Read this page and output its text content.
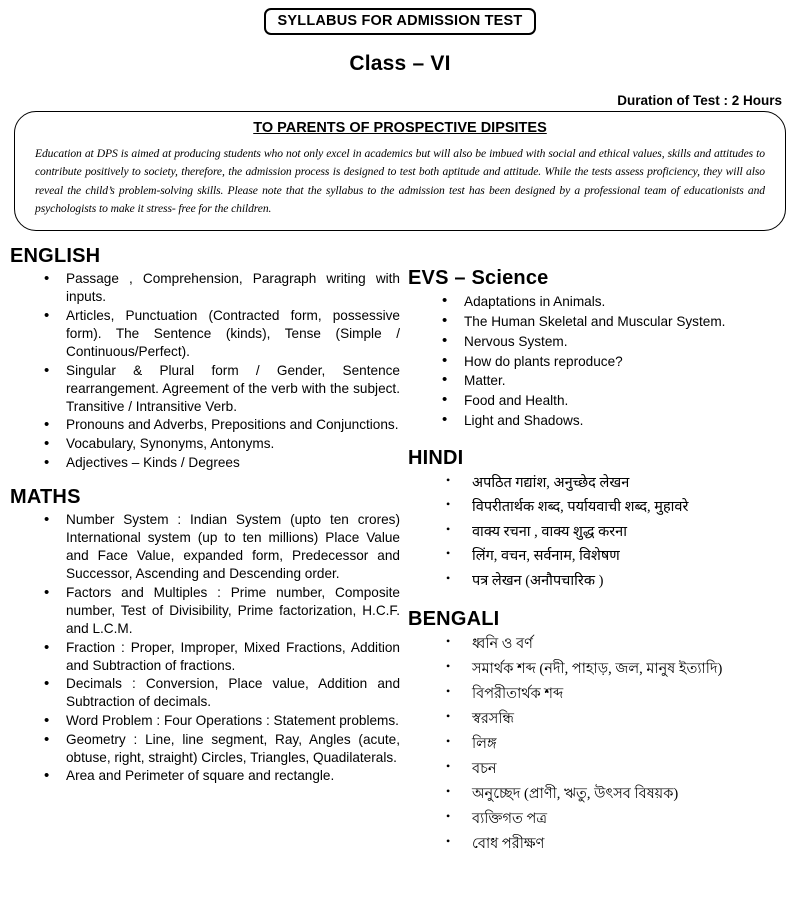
SYLLABUS FOR ADMISSION TEST
Class – VI
Duration of Test : 2 Hours
TO PARENTS OF PROSPECTIVE DIPSITES
Education at DPS is aimed at producing students who not only excel in academics but will also be imbued with social and ethical values, skills and attitudes to contribute positively to society, therefore, the admission process is designed to test both aptitude and attitude. While the tests assess proficiency, they will also reveal the child’s problem-solving skills. Please note that the syllabus to the admission test has been designed by a professional team of educationists and psychologists to make it stress- free for the children.
ENGLISH
• Passage , Comprehension, Paragraph writing with inputs.
• Articles, Punctuation (Contracted form, possessive form). The Sentence (kinds), Tense (Simple / Continuous/Perfect).
• Singular & Plural form / Gender, Sentence rearrangement. Agreement of the verb with the subject. Transitive / Intransitive Verb.
• Pronouns and Adverbs, Prepositions and Conjunctions.
• Vocabulary, Synonyms, Antonyms.
• Adjectives – Kinds / Degrees
MATHS
• Number System : Indian System (upto ten crores) International system (up to ten millions) Place Value and Face Value, expanded form, Predecessor and Successor, Ascending and Descending order.
• Factors and Multiples : Prime number, Composite number, Test of Divisibility, Prime factorization, H.C.F. and L.C.M.
• Fraction : Proper, Improper, Mixed Fractions, Addition and Subtraction of fractions.
• Decimals : Conversion, Place value, Addition and Subtraction of decimals.
• Word Problem : Four Operations : Statement problems.
• Geometry : Line, line segment, Ray, Angles (acute, obtuse, right, straight) Circles, Triangles, Quadilaterals.
• Area and Perimeter of square and rectangle.
EVS – Science
• Adaptations in Animals.
• The Human Skeletal and Muscular System.
• Nervous System.
• How do plants reproduce?
• Matter.
• Food and Health.
• Light and Shadows.
HINDI
• अपठित गद्यांश, अनुच्छेद लेखन
• विपरीतार्थक शब्द, पर्यायवाची शब्द, मुहावरे
• वाक्य रचना , वाक्य शुद्ध करना
• लिंग, वचन, सर्वनाम, विशेषण
• पत्र लेखन (अनौपचारिक )
BENGALI
• ধ্বনি ও বর্ণ
• সমার্থক শব্দ (নদী, পাহাড়, জল, মানুষ ইত্যাদি)
• বিপরীতার্থক শব্দ
• স্বরসন্ধি
• লিঙ্গ
• বচন
• অনুচ্ছেদ (প্রাণী, ঋতু, উৎসব বিষয়ক)
• ব্যক্তিগত পত্র
• বোধ পরীক্ষণ
